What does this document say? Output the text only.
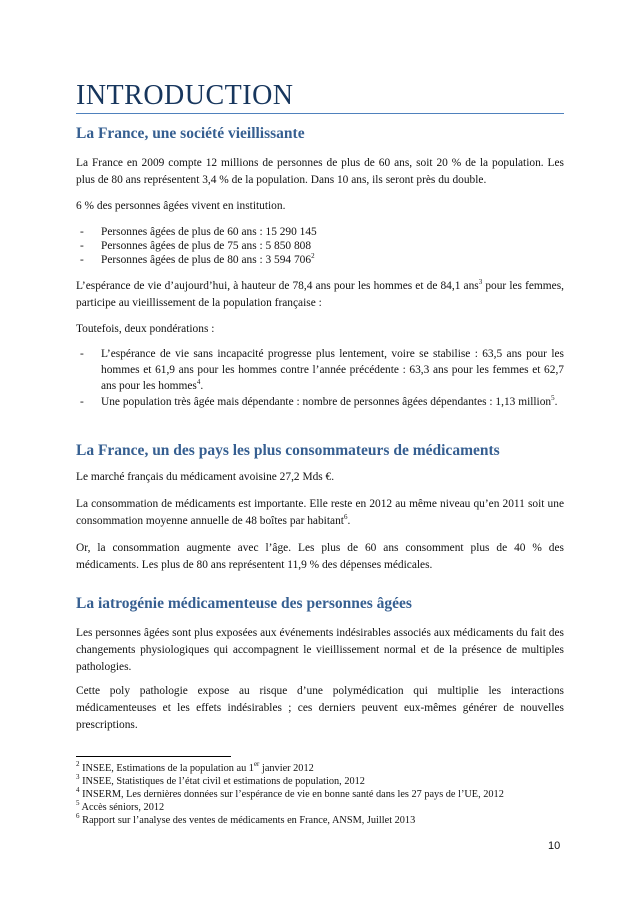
INTRODUCTION
La France, une société vieillissante

La France en 2009 compte 12 millions de personnes de plus de 60 ans, soit 20 % de la population. Les plus de 80 ans représentent 3,4 % de la population. Dans 10 ans, ils seront près du double.

6 % des personnes âgées vivent en institution.

- Personnes âgées de plus de 60 ans : 15 290 145
- Personnes âgées de plus de 75 ans : 5 850 808
- Personnes âgées de plus de 80 ans : 3 594 $706^2$

L’espérance de vie d’aujourd’hui, à hauteur de 78,4 ans pour les hommes et de 84,1 ans$^3$ pour les femmes, participe au vieillissement de la population française :

Toutefois, deux pondérations :

- L’espérance de vie sans incapacité progresse plus lentement, voire se stabilise : 63,5 ans pour les hommes et 61,9 ans pour les hommes contre l’année précédente : 63,3 ans pour les femmes et 62,7 ans pour les hommes$^4$.
- Une population très âgée mais dépendante : nombre de personnes âgées dépendantes : 1,13 million$^5$.
La France, un des pays les plus consommateurs de médicaments

Le marché français du médicament avoisine 27,2 Mds €.

La consommation de médicaments est importante. Elle reste en 2012 au même niveau qu’en 2011 soit une consommation moyenne annuelle de 48 boîtes par habitant$^6$.

Or, la consommation augmente avec l’âge. Les plus de 60 ans consomment plus de 40 % des médicaments. Les plus de 80 ans représentent 11,9 % des dépenses médicales.

La iatrogénie médicamenteuse des personnes âgées

Les personnes âgées sont plus exposées aux événements indésirables associés aux médicaments du fait des changements physiologiques qui accompagnent le vieillissement normal et de la présence de multiples pathologies.

Cette poly pathologie expose au risque d’une polymédication qui multiplie les interactions médicamenteuses et les effets indésirables ; ces derniers peuvent eux-mêmes générer de nouvelles prescriptions.

$^2$ INSEE, Estimations de la population au 1er janvier 2012
$^3$ INSEE, Statistiques de l’état civil et estimations de population, 2012
$^4$ INSERM, Les dernières données sur l’espérance de vie en bonne santé dans les 27 pays de l’UE, 2012
$^5$ Accès séniors, 2012
$^6$ Rapport sur l’analyse des ventes de médicaments en France, ANSM, Juillet 2013
10
